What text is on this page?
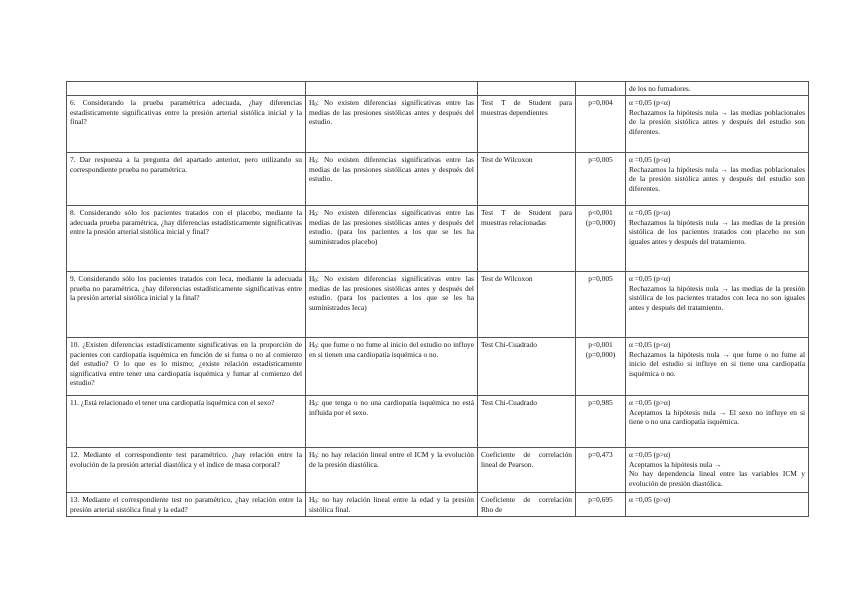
				de los no fumadores.

6. Considerando la prueba paramétrica adecuada, ¿hay diferencias estadísticamente significativas entre la presión arterial sistólica inicial y la final?	$H_0$: No existen diferencias significativas entre las medias de las presiones sistólicas antes y después del estudio.	Test T de Student para muestras dependientes	p=0,004	α =0,05 (p<α)
Rechazamos la hipótesis nula → las medias poblacionales de la presión sistólica antes y después del estudio son diferentes.

7. Dar respuesta a la pregunta del apartado anterior, pero utilizando su correspondiente prueba no paramétrica.	$H_0$: No existen diferencias significativas entre las medias de las presiones sistólicas antes y después del estudio.	Test de Wilcoxon	p=0,005	α =0,05 (p<α)
Rechazamos la hipótesis nula → las medias poblacionales de la presión sistólica antes y después del estudio son diferentes.

8. Considerando sólo los pacientes tratados con el placebo, mediante la adecuada prueba paramétrica, ¿hay diferencias estadísticamente significativas entre la presión arterial sistólica inicial y final?	$H_0$: No existen diferencias significativas entre las medias de las presiones sistólicas antes y después del estudio. (para los pacientes a los que se les ha suministrados placebo)	Test T de Student para muestras relacionadas	p<0,001
(p=0,000)	α =0,05 (p<α)
Rechazamos la hipótesis nula → las medias de la presión sistólica de los pacientes tratados con placebo no son iguales antes y después del tratamiento.

9. Considerando sólo los pacientes tratados con Ieca, mediante la adecuada prueba no paramétrica, ¿hay diferencias estadísticamente significativas entre la presión arterial sistólica inicial y la final?	$H_0$: No existen diferencias significativas entre las medias de las presiones sistólicas antes y después del estudio. (para los pacientes a los que se les ha suministrados Ieca)	Test de Wilcoxon	p=0,005	α =0,05 (p<α)
Rechazamos la hipótesis nula → las medias de la presión sistólica de los pacientes tratados con Ieca no son iguales antes y después del tratamiento.

10. ¿Existen diferencias estadísticamente significativas en la proporción de pacientes con cardiopatía isquémica en función de si fuma o no al comienzo del estudio? O lo que es lo mismo; ¿existe relación estadísticamente significativa entre tener una cardiopatía isquémica y fumar al comienzo del estudio?	$H_0$: que fume o no fume al inicio del estudio no influye en si tienen una cardiopatía isquémica o no.	Test Chi-Cuadrado	p<0,001
(p=0,000)	α =0,05 (p<α)
Rechazamos la hipótesis nula → que fume o no fume al inicio del estudio si influye en si tiene una cardiopatía isquémica o no.

11. ¿Está relacionado el tener una cardiopatía isquémica con el sexo?	$H_0$: que tenga o no una cardiopatía isquémica no está influida por el sexo.	Test Chi-Cuadrado	p=0,985	α =0,05 (p>α)
Aceptamos la hipótesis nula → El sexo no influye en si tiene o no una cardiopatía isquémica.

12. Mediante el correspondiente test paramétrico. ¿hay relación entre la evolución de la presión arterial diastólica y el índice de masa corporal?	$H_0$: no hay relación lineal entre el ICM y la evolución de la presión diastólica.	Coeficiente de correlación lineal de Pearson.	p=0,473	α =0,05 (p>α)
Aceptamos la hipótesis nula →
No hay dependencia lineal entre las variables ICM y evolución de presión diastólica.

13. Mediante el correspondiente test no paramétrico, ¿hay relación entre la presión arterial sistólica final y la edad?	$H_0$: no hay relación lineal entre la edad y la presión sistólica final.	Coeficiente de correlación Rho de	p=0,695	α =0,05 (p>α)
